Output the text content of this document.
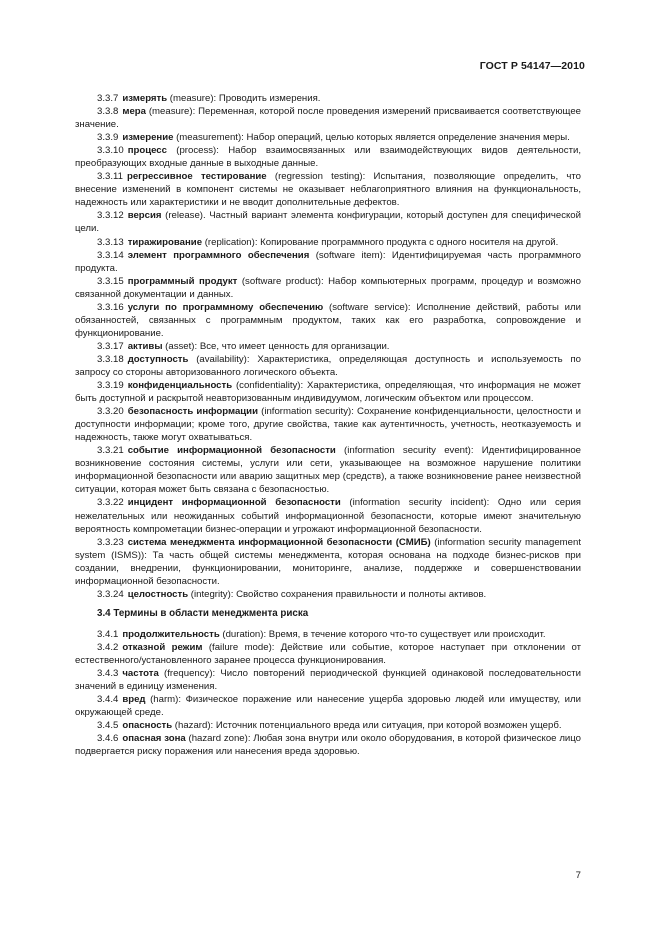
ГОСТ Р 54147—2010

3.3.7 измерять (measure): Проводить измерения.

3.3.8 мера (measure): Переменная, которой после проведения измерений присваивается соответствующее значение.

3.3.9 измерение (measurement): Набор операций, целью которых является определение значения меры.

3.3.10 процесс (process): Набор взаимосвязанных или взаимодействующих видов деятельности, преобразующих входные данные в выходные данные.

3.3.11 регрессивное тестирование (regression testing): Испытания, позволяющие определить, что внесение изменений в компонент системы не оказывает неблагоприятного влияния на функциональность, надежность или характеристики и не вводит дополнительные дефектов.

3.3.12 версия (release). Частный вариант элемента конфигурации, который доступен для специфической цели.

3.3.13 тиражирование (replication): Копирование программного продукта с одного носителя на другой.

3.3.14 элемент программного обеспечения (software item): Идентифицируемая часть программного продукта.

3.3.15 программный продукт (software product): Набор компьютерных программ, процедур и возможно связанной документации и данных.

3.3.16 услуги по программному обеспечению (software service): Исполнение действий, работы или обязанностей, связанных с программным продуктом, таких как его разработка, сопровождение и функционирование.

3.3.17 активы (asset): Все, что имеет ценность для организации.

3.3.18 доступность (availability): Характеристика, определяющая доступность и используемость по запросу со стороны авторизованного логического объекта.

3.3.19 конфиденциальность (confidentiality): Характеристика, определяющая, что информация не может быть доступной и раскрытой неавторизованным индивидуумом, логическим объектом или процессом.

3.3.20 безопасность информации (information security): Сохранение конфиденциальности, целостности и доступности информации; кроме того, другие свойства, такие как аутентичность, учетность, неотказуемость и надежность, также могут охватываться.

3.3.21 событие информационной безопасности (information security event): Идентифицированное возникновение состояния системы, услуги или сети, указывающее на возможное нарушение политики информационной безопасности или аварию защитных мер (средств), а также возникновение ранее неизвестной ситуации, которая может быть связана с безопасностью.

3.3.22 инцидент информационной безопасности (information security incident): Одно или серия нежелательных или неожиданных событий информационной безопасности, которые имеют значительную вероятность компрометации бизнес-операции и угрожают информационной безопасности.

3.3.23 система менеджмента информационной безопасности (СМИБ) (information security management system (ISMS)): Та часть общей системы менеджмента, которая основана на подходе бизнес-рисков при создании, внедрении, функционировании, мониторинге, анализе, поддержке и совершенствовании информационной безопасности.

3.3.24 целостность (integrity): Свойство сохранения правильности и полноты активов.

3.4 Термины в области менеджмента риска

3.4.1 продолжительность (duration): Время, в течение которого что-то существует или происходит.

3.4.2 отказной режим (failure mode): Действие или событие, которое наступает при отклонении от естественного/установленного заранее процесса функционирования.

3.4.3 частота (frequency): Число повторений периодической функцией одинаковой последовательности значений в единицу изменения.

3.4.4 вред (harm): Физическое поражение или нанесение ущерба здоровью людей или имуществу, или окружающей среде.

3.4.5 опасность (hazard): Источник потенциального вреда или ситуация, при которой возможен ущерб.

3.4.6 опасная зона (hazard zone): Любая зона внутри или около оборудования, в которой физическое лицо подвергается риску поражения или нанесения вреда здоровью.

7
